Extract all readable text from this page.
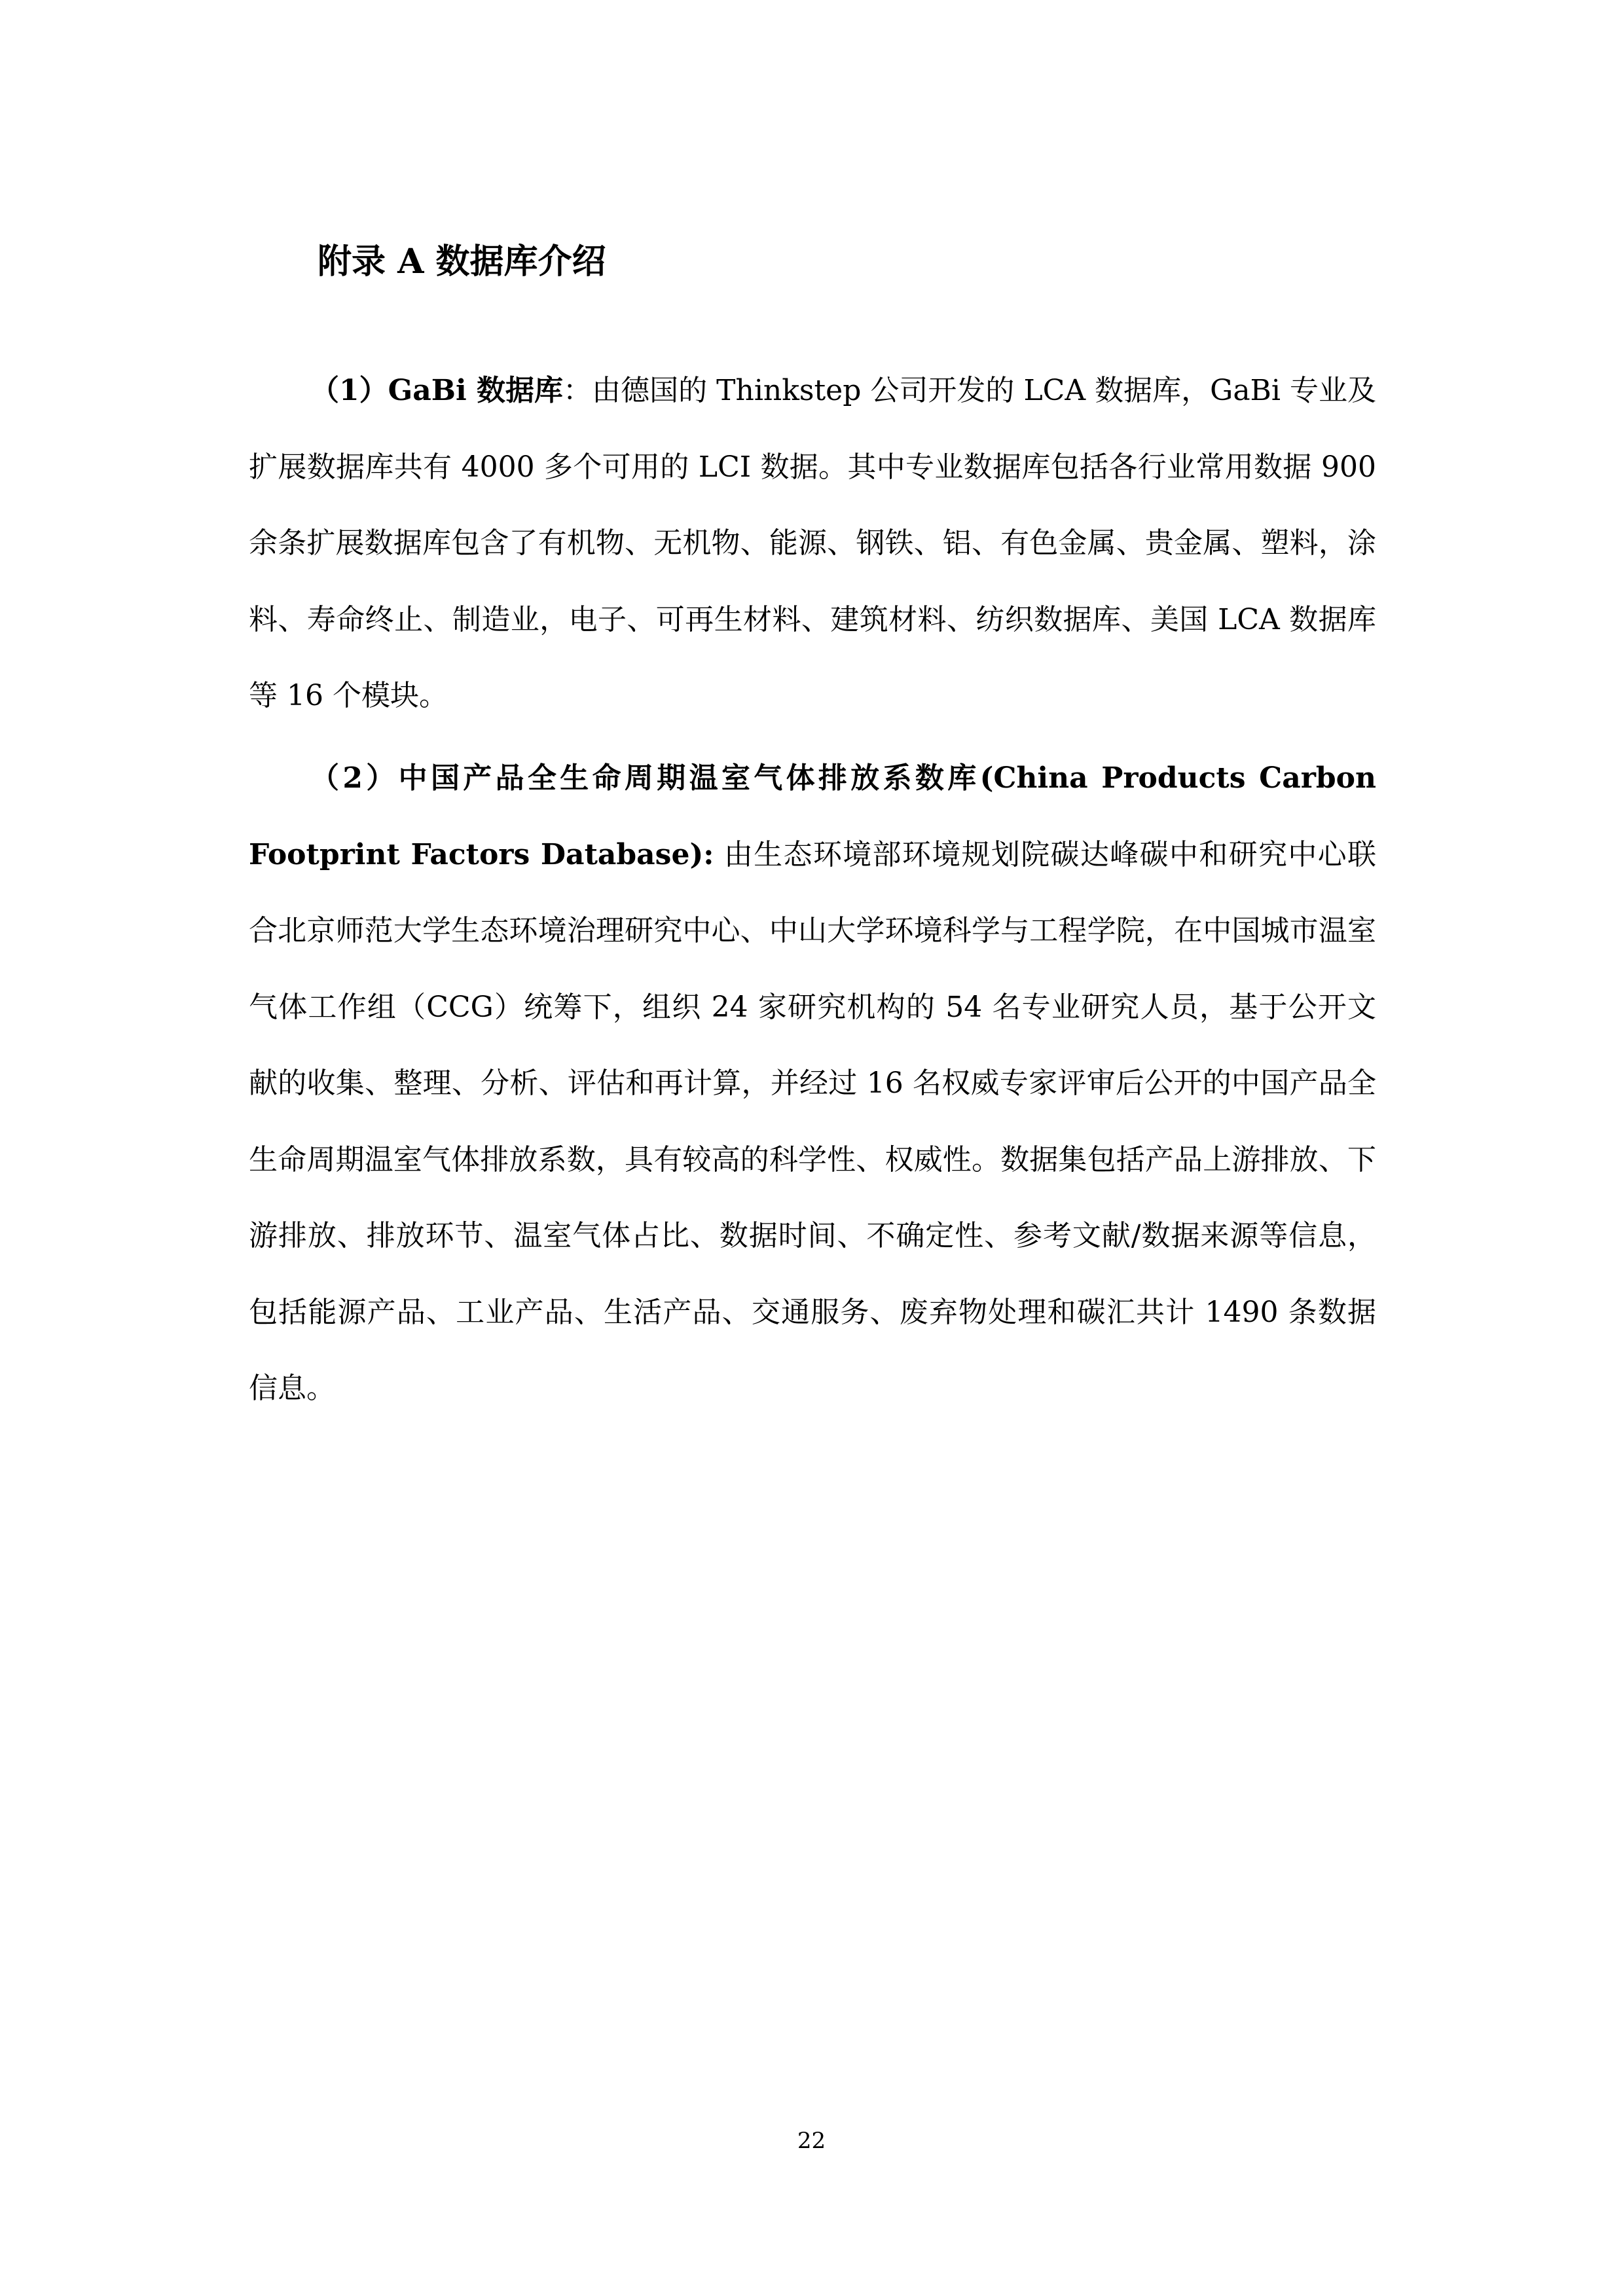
附录 A 数据库介绍

（1）GaBi 数据库：由德国的 Thinkstep 公司开发的 LCA 数据库，GaBi 专业及扩展数据库共有 4000 多个可用的 LCI 数据。其中专业数据库包括各行业常用数据 900 余条扩展数据库包含了有机物、无机物、能源、钢铁、铝、有色金属、贵金属、塑料，涂料、寿命终止、制造业，电子、可再生材料、建筑材料、纺织数据库、美国 LCA 数据库等 16 个模块。

（2）中国产品全生命周期温室气体排放系数库(China Products Carbon Footprint Factors Database): 由生态环境部环境规划院碳达峰碳中和研究中心联合北京师范大学生态环境治理研究中心、中山大学环境科学与工程学院，在中国城市温室气体工作组（CCG）统筹下，组织 24 家研究机构的 54 名专业研究人员，基于公开文献的收集、整理、分析、评估和再计算，并经过 16 名权威专家评审后公开的中国产品全生命周期温室气体排放系数，具有较高的科学性、权威性。数据集包括产品上游排放、下游排放、排放环节、温室气体占比、数据时间、不确定性、参考文献/数据来源等信息，包括能源产品、工业产品、生活产品、交通服务、废弃物处理和碳汇共计 1490 条数据信息。

22
